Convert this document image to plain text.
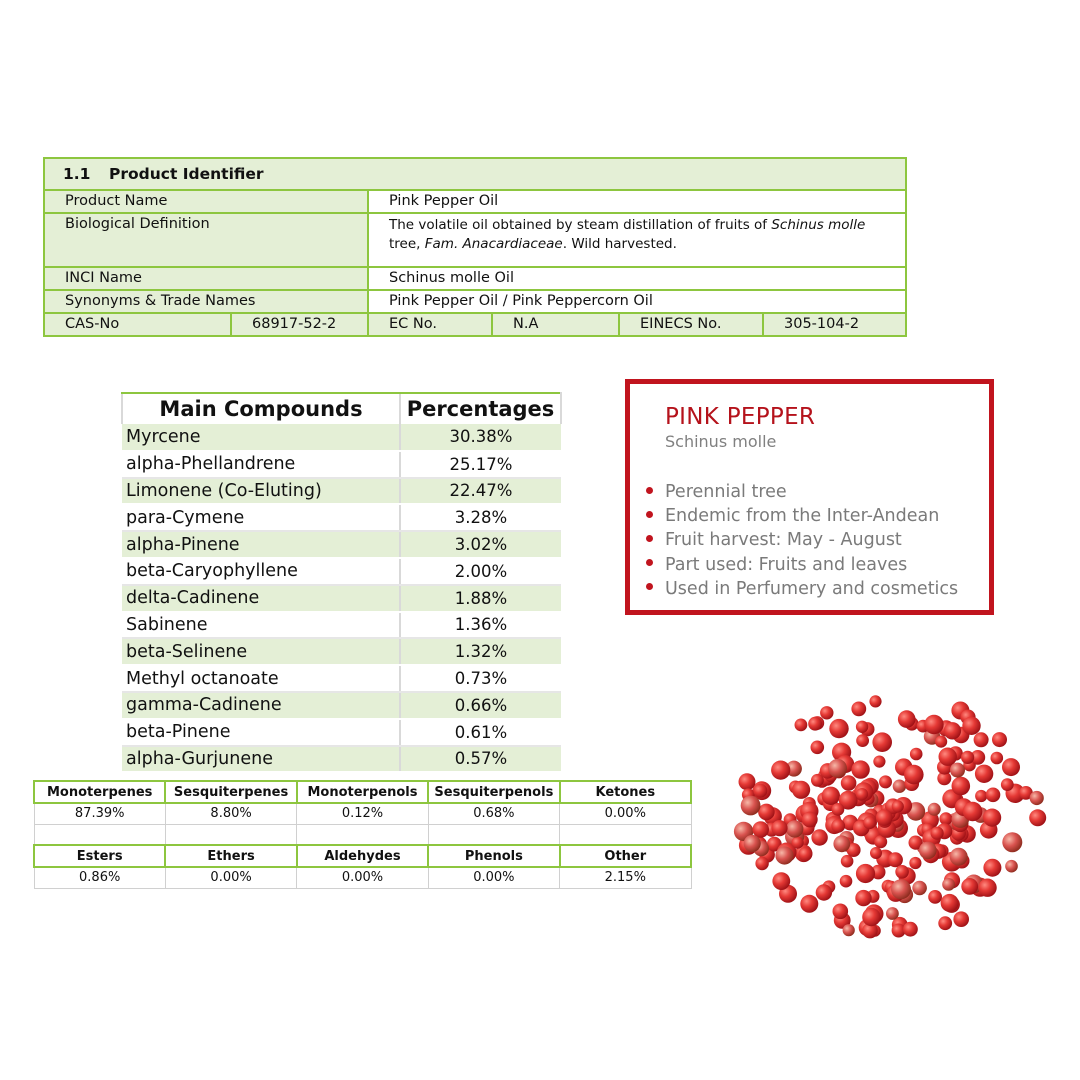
1.1 Product Identifier					
Product Name		Pink Pepper Oil			
Biological Definition		The volatile oil obtained by steam distillation of fruits of Schinus molle
tree, Fam. Anacardiaceae. Wild harvested.			
INCI Name		Schinus molle Oil			
Synonyms & Trade Names		Pink Pepper Oil / Pink Peppercorn Oil			
CAS-No	68917-52-2	EC No.	N.A	EINECS No.	305-104-2
Main Compounds	Percentages
Myrcene	30.38%
alpha-Phellandrene	25.17%
Limonene (Co-Eluting)	22.47%
para-Cymene	3.28%
alpha-Pinene	3.02%
beta-Caryophyllene	2.00%
delta-Cadinene	1.88%
Sabinene	1.36%
beta-Selinene	1.32%
Methyl octanoate	0.73%
gamma-Cadinene	0.66%
beta-Pinene	0.61%
alpha-Gurjunene	0.57%
Monoterpenes	Sesquiterpenes	Monoterpenols	Sesquiterpenols	Ketones
87.39%	8.80%	0.12%	0.68%	0.00%

Esters	Ethers	Aldehydes	Phenols	Other
0.86%	0.00%	0.00%	0.00%	2.15%
PINK PEPPER
Schinus molle
Perennial tree
Endemic from the Inter-Andean
Fruit harvest: May - August
Part used: Fruits and leaves
Used in Perfumery and cosmetics
